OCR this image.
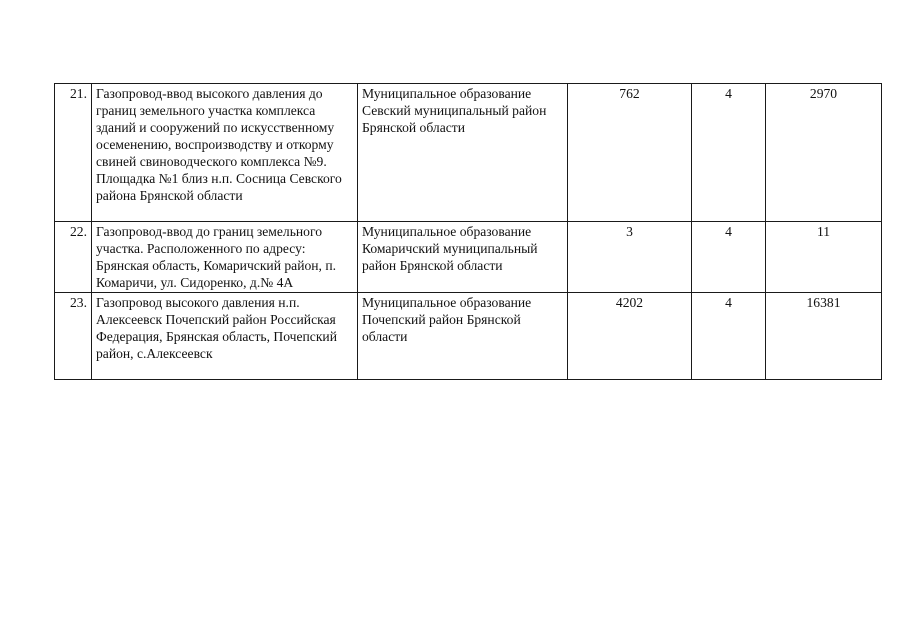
21.	Газопровод-ввод высокого давления до границ земельного участка комплекса зданий и сооружений по искусственному осеменению, воспроизводству и откорму свиней свиноводческого комплекса №9. Площадка №1 близ н.п. Сосница Севского района Брянской области	Муниципальное образование Севский муниципальный район Брянской области	762	4	2970
22.	Газопровод-ввод до границ земельного участка. Расположенного по адресу: Брянская область, Комаричский район, п. Комаричи, ул. Сидоренко, д.№ 4А	Муниципальное образование Комаричский муниципальный район Брянской области	3	4	11
23.	Газопровод высокого давления н.п. Алексеевск Почепский район Российская Федерация, Брянская область, Почепский район, с.Алексеевск	Муниципальное образование Почепский район Брянской области	4202	4	16381
